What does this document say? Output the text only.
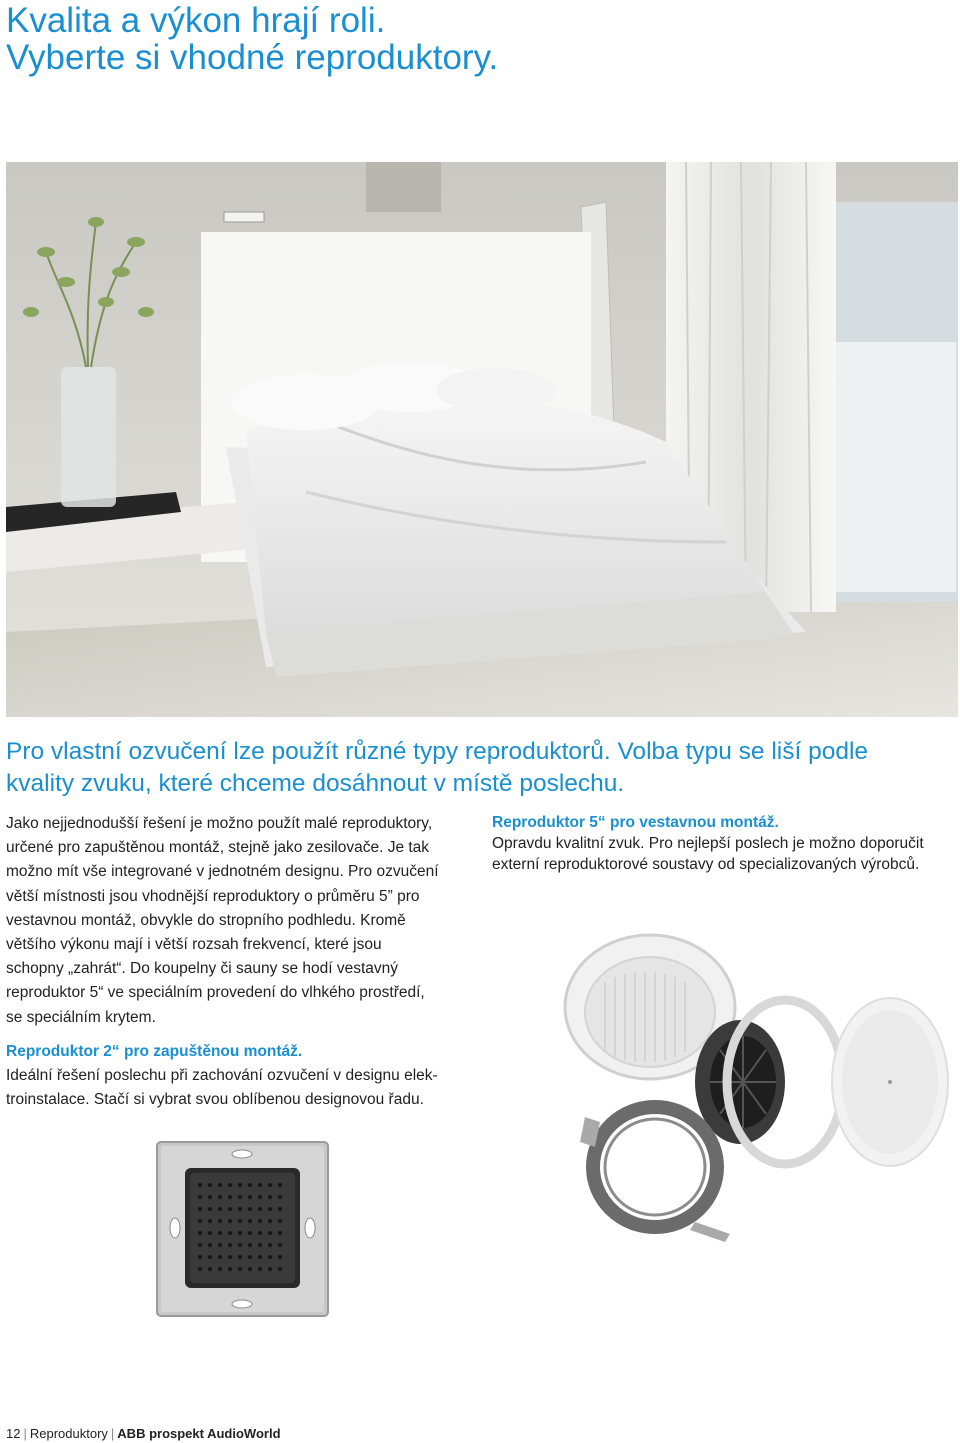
Kvalita a výkon hrají roli.
Vyberte si vhodné reproduktory.
Pro vlastní ozvučení lze použít různé typy reproduktorů. Volba typu se liší podle
kvality zvuku, které chceme dosáhnout v místě poslechu.

Jako nejjednodušší řešení je možno použít malé reproduktory,
určené pro zapuštěnou montáž, stejně jako zesilovače. Je tak
možno mít vše integrované v jednotném designu. Pro ozvučení
větší místnosti jsou vhodnější reproduktory o průměru 5” pro
vestavnou montáž, obvykle do stropního podhledu. Kromě
většího výkonu mají i větší rozsah frekvencí, které jsou
schopny „zahrát“. Do koupelny či sauny se hodí vestavný
reproduktor 5“ ve speciálním provedení do vlhkého prostředí,
se speciálním krytem.

Reproduktor 5“ pro vestavnou montáž.
Opravdu kvalitní zvuk. Pro nejlepší poslech je možno doporučit
externí reproduktorové soustavy od specializovaných výrobců.
Reproduktor 2“ pro zapuštěnou montáž.
Ideální řešení poslechu při zachování ozvučení v designu elek-
troinstalace. Stačí si vybrat svou oblíbenou designovou řadu.
12 | Reproduktory | ABB prospekt AudioWorld
